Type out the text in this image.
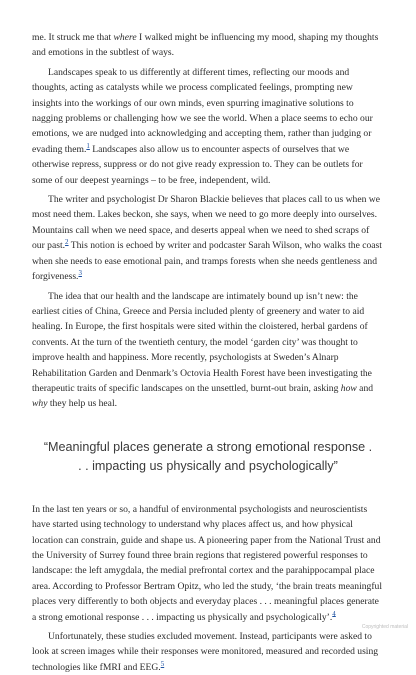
me. It struck me that where I walked might be influencing my mood, shaping my thoughts and emotions in the subtlest of ways.

Landscapes speak to us differently at different times, reflecting our moods and thoughts, acting as catalysts while we process complicated feelings, prompting new insights into the workings of our own minds, even spurring imaginative solutions to nagging problems or challenging how we see the world. When a place seems to echo our emotions, we are nudged into acknowledging and accepting them, rather than judging or evading them.$^1$ Landscapes also allow us to encounter aspects of ourselves that we otherwise repress, suppress or do not give ready expression to. They can be outlets for some of our deepest yearnings – to be free, independent, wild.

The writer and psychologist Dr Sharon Blackie believes that places call to us when we most need them. Lakes beckon, she says, when we need to go more deeply into ourselves. Mountains call when we need space, and deserts appeal when we need to shed scraps of our past.$^2$ This notion is echoed by writer and podcaster Sarah Wilson, who walks the coast when she needs to ease emotional pain, and tramps forests when she needs gentleness and forgiveness.$^3$

The idea that our health and the landscape are intimately bound up isn’t new: the earliest cities of China, Greece and Persia included plenty of greenery and water to aid healing. In Europe, the first hospitals were sited within the cloistered, herbal gardens of convents. At the turn of the twentieth century, the model ‘garden city’ was thought to improve health and happiness. More recently, psychologists at Sweden’s Alnarp Rehabilitation Garden and Denmark’s Octovia Health Forest have been investigating the therapeutic traits of specific landscapes on the unsettled, burnt-out brain, asking how and why they help us heal.

“Meaningful places generate a strong emotional response . . . impacting us physically and psychologically”

In the last ten years or so, a handful of environmental psychologists and neuroscientists have started using technology to understand why places affect us, and how physical location can constrain, guide and shape us. A pioneering paper from the National Trust and the University of Surrey found three brain regions that registered powerful responses to landscape: the left amygdala, the medial prefrontal cortex and the parahippocampal place area. According to Professor Bertram Opitz, who led the study, ‘the brain treats meaningful places very differently to both objects and everyday places . . . meaningful places generate a strong emotional response . . . impacting us physically and psychologically’.$^4$

Unfortunately, these studies excluded movement. Instead, participants were asked to look at screen images while their responses were monitored, measured and recorded using technologies like fMRI and EEG.$^5$

Copyrighted material
